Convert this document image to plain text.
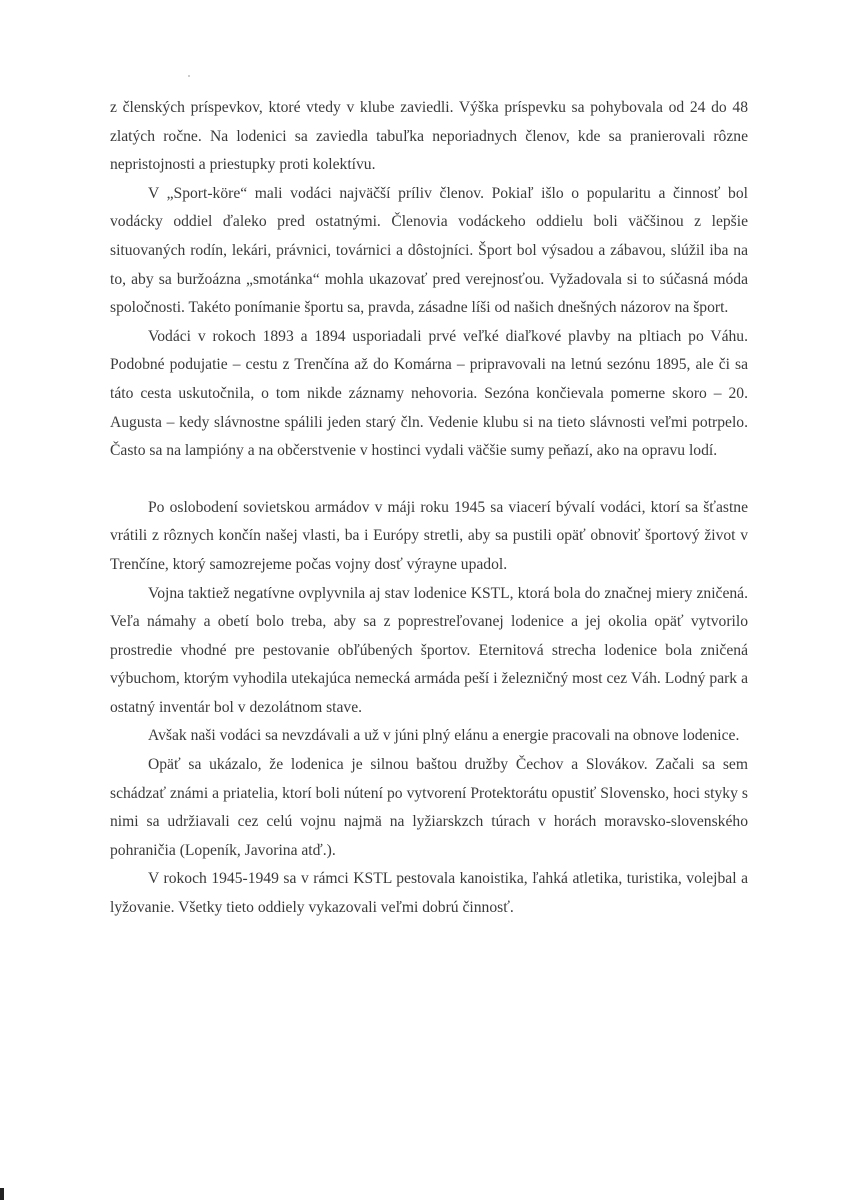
z členských príspevkov, ktoré vtedy v klube zaviedli. Výška príspevku sa pohybovala od 24 do 48 zlatých ročne. Na lodenici sa zaviedla tabuľka neporiadnych členov, kde sa pranierovali rôzne nepristojnosti a priestupky proti kolektívu.

V „Sport-köre“ mali vodáci najväčší príliv členov. Pokiaľ išlo o popularitu a činnosť bol vodácky oddiel ďaleko pred ostatnými. Členovia vodáckeho oddielu boli väčšinou z lepšie situovaných rodín, lekári, právnici, továrnici a dôstojníci. Šport bol výsadou a zábavou, slúžil iba na to, aby sa buržoázna „smotánka“ mohla ukazovať pred verejnosťou. Vyžadovala si to súčasná móda spoločnosti. Takéto ponímanie športu sa, pravda, zásadne líši od našich dnešných názorov na šport.

Vodáci v rokoch 1893 a 1894 usporiadali prvé veľké diaľkové plavby na pltiach po Váhu. Podobné podujatie – cestu z Trenčína až do Komárna – pripravovali na letnú sezónu 1895, ale či sa táto cesta uskutočnila, o tom nikde záznamy nehovoria. Sezóna končievala pomerne skoro – 20. Augusta – kedy slávnostne spálili jeden starý čln. Vedenie klubu si na tieto slávnosti veľmi potrpelo. Často sa na lampióny a na občerstvenie v hostinci vydali väčšie sumy peňazí, ako na opravu lodí.

Po oslobodení sovietskou armádov v máji roku 1945 sa viacerí bývalí vodáci, ktorí sa šťastne vrátili z rôznych končín našej vlasti, ba i Európy stretli, aby sa pustili opäť obnoviť športový život v Trenčíne, ktorý samozrejeme počas vojny dosť výrayne upadol.

Vojna taktiež negatívne ovplyvnila aj stav lodenice KSTL, ktorá bola do značnej miery zničená. Veľa námahy a obetí bolo treba, aby sa z poprestreľovanej lodenice a jej okolia opäť vytvorilo prostredie vhodné pre pestovanie obľúbených športov. Eternitová strecha lodenice bola zničená výbuchom, ktorým vyhodila utekajúca nemecká armáda peší i železničný most cez Váh. Lodný park a ostatný inventár bol v dezolátnom stave.

Avšak naši vodáci sa nevzdávali a už v júni plný elánu a energie pracovali na obnove lodenice.

Opäť sa ukázalo, že lodenica je silnou baštou družby Čechov a Slovákov. Začali sa sem schádzať známi a priatelia, ktorí boli nútení po vytvorení Protektorátu opustiť Slovensko, hoci styky s nimi sa udržiavali cez celú vojnu najmä na lyžiarskzch túrach v horách moravsko-slovenského pohraničia (Lopeník, Javorina atď.).

V rokoch 1945-1949 sa v rámci KSTL pestovala kanoistika, ľahká atletika, turistika, volejbal a lyžovanie. Všetky tieto oddiely vykazovali veľmi dobrú činnosť.
